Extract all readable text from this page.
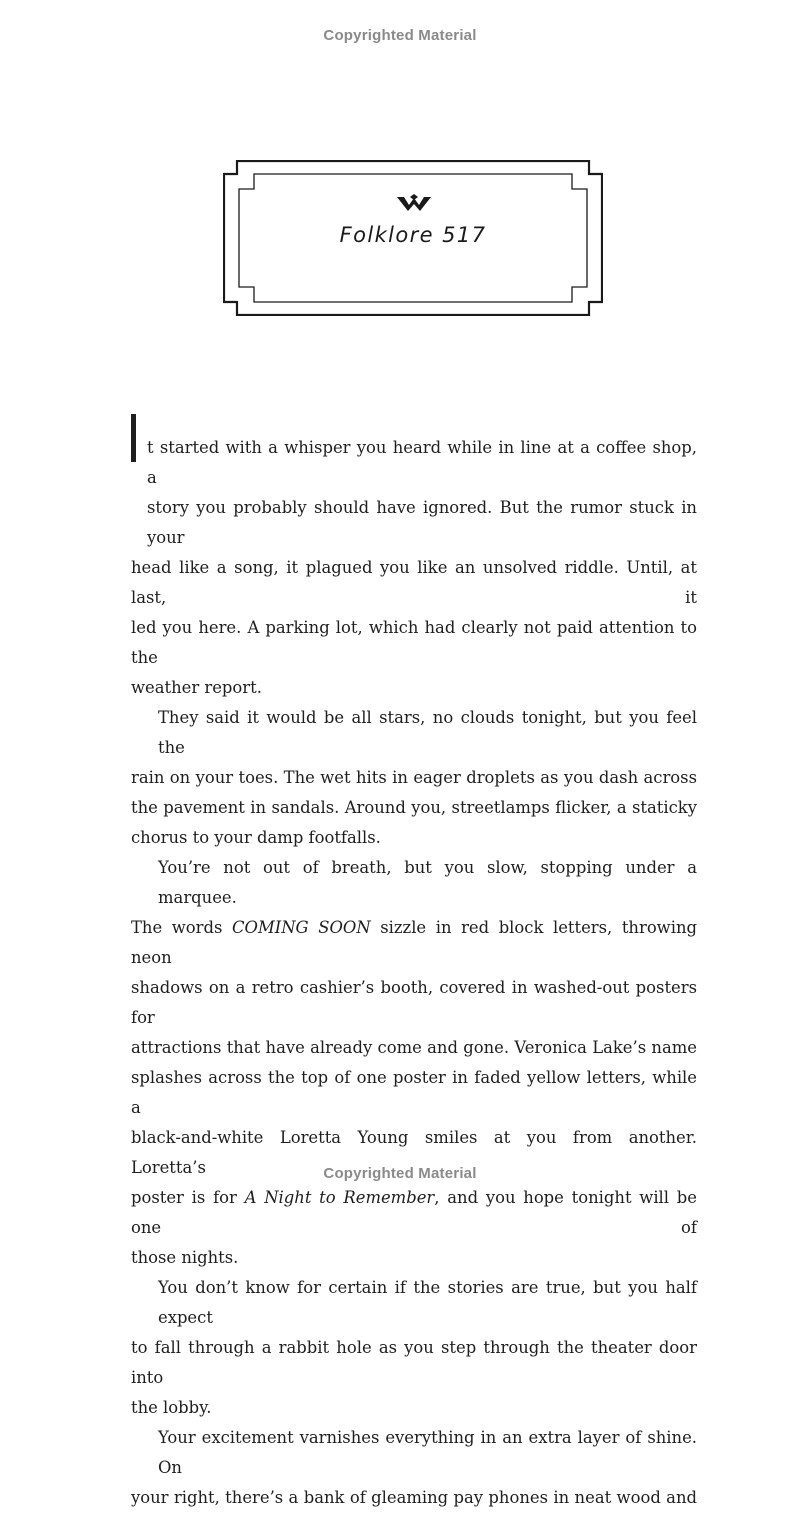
Copyrighted Material
Folklore 517
t started with a whisper you heard while in line at a coffee shop, a
story you probably should have ignored. But the rumor stuck in your
head like a song, it plagued you like an unsolved riddle. Until, at last, it
led you here. A parking lot, which had clearly not paid attention to the
weather report.
They said it would be all stars, no clouds tonight, but you feel the
rain on your toes. The wet hits in eager droplets as you dash across
the pavement in sandals. Around you, streetlamps flicker, a staticky
chorus to your damp footfalls.
You’re not out of breath, but you slow, stopping under a marquee.
The words COMING SOON sizzle in red block letters, throwing neon
shadows on a retro cashier’s booth, covered in washed-out posters for
attractions that have already come and gone. Veronica Lake’s name
splashes across the top of one poster in faded yellow letters, while a
black-and-white Loretta Young smiles at you from another. Loretta’s
poster is for A Night to Remember, and you hope tonight will be one of
those nights.
You don’t know for certain if the stories are true, but you half expect
to fall through a rabbit hole as you step through the theater door into
the lobby.
Your excitement varnishes everything in an extra layer of shine. On
your right, there’s a bank of gleaming pay phones in neat wood and
Copyrighted Material
